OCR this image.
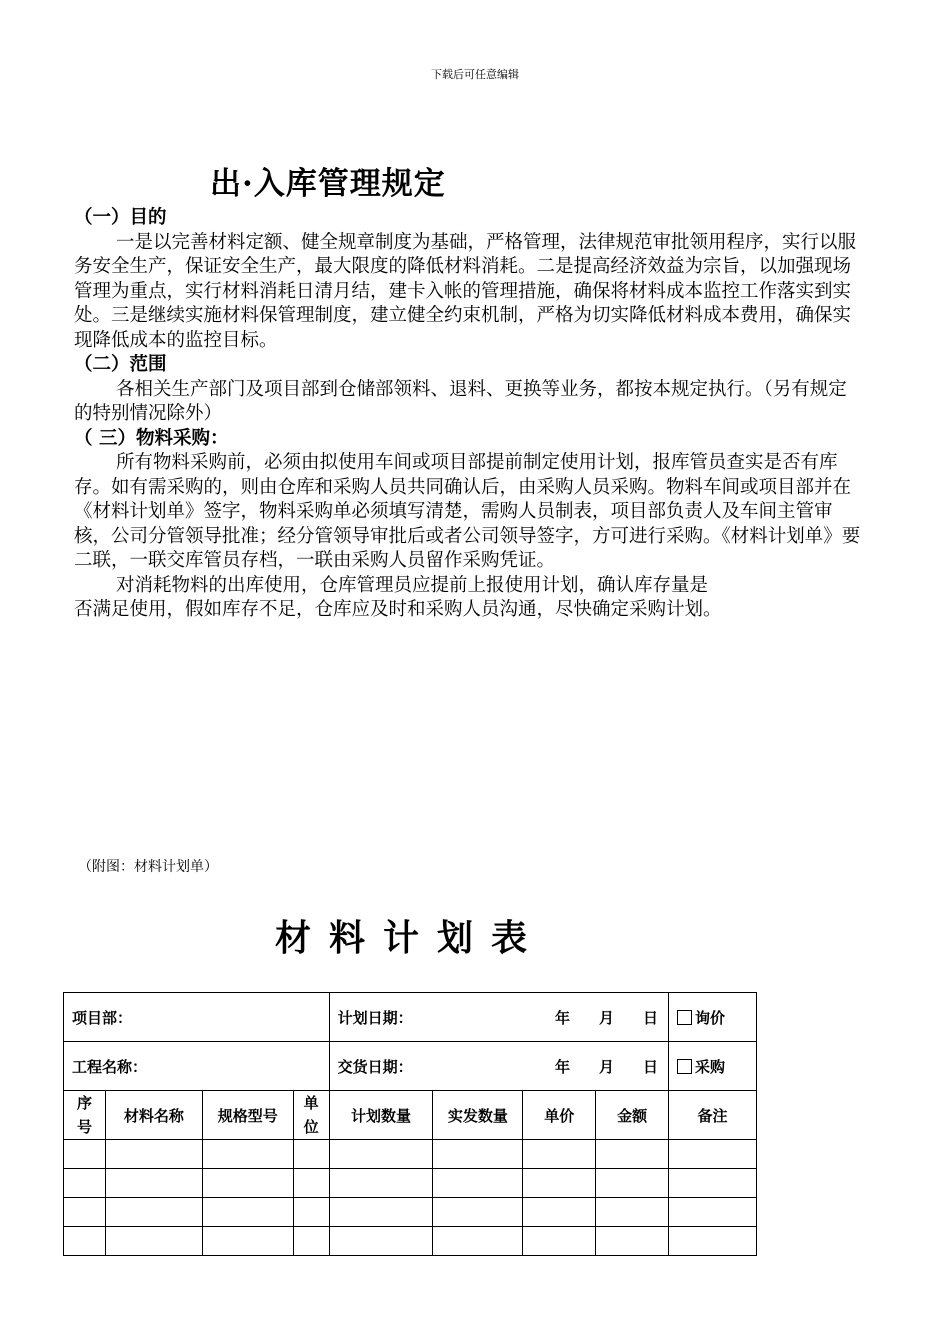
下载后可任意编辑
出·入库管理规定

（一）目的

一是以完善材料定额、健全规章制度为基础，严格管理，法律规范审批领用程序，实行以服务安全生产，保证安全生产，最大限度的降低材料消耗。二是提高经济效益为宗旨，以加强现场管理为重点，实行材料消耗日清月结，建卡入帐的管理措施，确保将材料成本监控工作落实到实处。三是继续实施材料保管理制度，建立健全约束机制，严格为切实降低材料成本费用，确保实现降低成本的监控目标。

（二）范围

各相关生产部门及项目部到仓储部领料、退料、更换等业务，都按本规定执行。（另有规定的特别情况除外）

（ 三）物料采购：

所有物料采购前，必须由拟使用车间或项目部提前制定使用计划，报库管员查实是否有库存。如有需采购的，则由仓库和采购人员共同确认后，由采购人员采购。物料车间或项目部并在《材料计划单》签字，物料采购单必须填写清楚，需购人员制表，项目部负责人及车间主管审核，公司分管领导批准；经分管领导审批后或者公司领导签字，方可进行采购。《材料计划单》要二联，一联交库管员存档，一联由采购人员留作采购凭证。

对消耗物料的出库使用，仓库管理员应提前上报使用计划，确认库存量是

否满足使用，假如库存不足，仓库应及时和采购人员沟通，尽快确定采购计划。

（附图：材料计划单）
材料计划表
项目部：				计划日期： 年 月 日				询价
工程名称：				交货日期： 年 月 日				采购
序号	材料名称	规格型号	单位	计划数量	实发数量	单价	金额	备注
